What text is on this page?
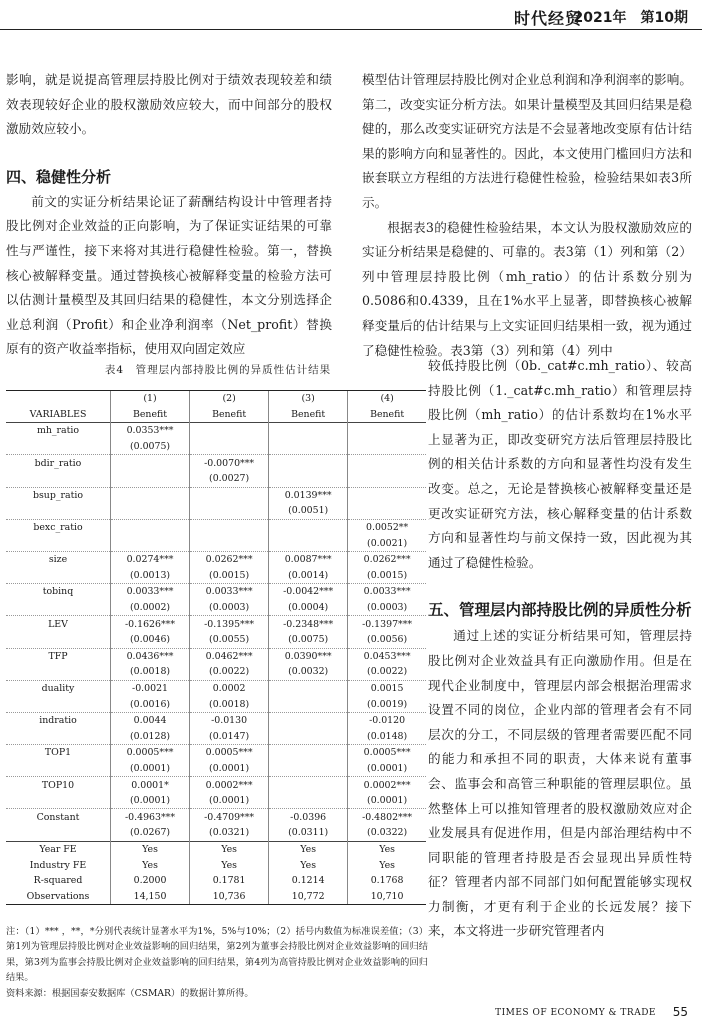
时代经贸
2021年　第10期

影响，就是说提高管理层持股比例对于绩效表现较差和绩效表现较好企业的股权激励效应较大，而中间部分的股权激励效应较小。

四、稳健性分析

前文的实证分析结果论证了薪酬结构设计中管理者持股比例对企业效益的正向影响，为了保证实证结果的可靠性与严谨性，接下来将对其进行稳健性检验。第一，替换核心被解释变量。通过替换核心被解释变量的检验方法可以估测计量模型及其回归结果的稳健性，本文分别选择企业总利润（Profit）和企业净利润率（Net_profit）替换原有的资产收益率指标，使用双向固定效应

模型估计管理层持股比例对企业总利润和净利润率的影响。第二，改变实证分析方法。如果计量模型及其回归结果是稳健的，那么改变实证研究方法是不会显著地改变原有估计结果的影响方向和显著性的。因此，本文使用门槛回归方法和嵌套联立方程组的方法进行稳健性检验，检验结果如表3所示。

根据表3的稳健性检验结果，本文认为股权激励效应的实证分析结果是稳健的、可靠的。表3第（1）列和第（2）列中管理层持股比例（mh_ratio）的估计系数分别为0.5086和0.4339，且在1%水平上显著，即替换核心被解释变量后的估计结果与上文实证回归结果相一致，视为通过了稳健性检验。表3第（3）列和第（4）列中

较低持股比例（0b._cat#c.mh_ratio）、较高持股比例（1._cat#c.mh_ratio）和管理层持股比例（mh_ratio）的估计系数均在1%水平上显著为正，即改变研究方法后管理层持股比例的相关估计系数的方向和显著性均没有发生改变。总之，无论是替换核心被解释变量还是更改实证研究方法，核心解释变量的估计系数方向和显著性均与前文保持一致，因此视为其通过了稳健性检验。

五、管理层内部持股比例的异质性分析

通过上述的实证分析结果可知，管理层持股比例对企业效益具有正向激励作用。但是在现代企业制度中，管理层内部会根据治理需求设置不同的岗位，企业内部的管理者会有不同层次的分工，不同层级的管理者需要匹配不同的能力和承担不同的职责，大体来说有董事会、监事会和高管三种职能的管理层职位。虽然整体上可以推知管理者的股权激励效应对企业发展具有促进作用，但是内部治理结构中不同职能的管理者持股是否会显现出异质性特征？管理者内部不同部门如何配置能够实现权力制衡，才更有利于企业的长远发展？接下来，本文将进一步研究管理者内

表4　管理层内部持股比例的异质性估计结果
	(1)	(2)	(3)	(4)
VARIABLES	Benefit	Benefit	Benefit	Benefit
mh_ratio	0.0353***			
	(0.0075)			
bdir_ratio		-0.0070***		
		(0.0027)		
bsup_ratio			0.0139***	
			(0.0051)	
bexc_ratio				0.0052**
				(0.0021)
size	0.0274***	0.0262***	0.0087***	0.0262***
	(0.0013)	(0.0015)	(0.0014)	(0.0015)
tobinq	0.0033***	0.0033***	-0.0042***	0.0033***
	(0.0002)	(0.0003)	(0.0004)	(0.0003)
LEV	-0.1626***	-0.1395***	-0.2348***	-0.1397***
	(0.0046)	(0.0055)	(0.0075)	(0.0056)
TFP	0.0436***	0.0462***	0.0390***	0.0453***
	(0.0018)	(0.0022)	(0.0032)	(0.0022)
duality	-0.0021	0.0002		0.0015
	(0.0016)	(0.0018)		(0.0019)
indratio	0.0044	-0.0130		-0.0120
	(0.0128)	(0.0147)		(0.0148)
TOP1	0.0005***	0.0005***		0.0005***
	(0.0001)	(0.0001)		(0.0001)
TOP10	0.0001*	0.0002***		0.0002***
	(0.0001)	(0.0001)		(0.0001)
Constant	-0.4963***	-0.4709***	-0.0396	-0.4802***
	(0.0267)	(0.0321)	(0.0311)	(0.0322)
Year FE	Yes	Yes	Yes	Yes
Industry FE	Yes	Yes	Yes	Yes
R-squared	0.2000	0.1781	0.1214	0.1768
Observations	14,150	10,736	10,772	10,710

注：（1）*** ，**，*分别代表统计显著水平为1%，5%与10%；（2）括号内数值为标准误差值；（3）第1列为管理层持股比例对企业效益影响的回归结果，第2列为董事会持股比例对企业效益影响的回归结果，第3列为监事会持股比例对企业效益影响的回归结果，第4列为高管持股比例对企业效益影响的回归结果。

资料来源：根据国泰安数据库（CSMAR）的数据计算所得。

TIMES OF ECONOMY & TRADE 55
